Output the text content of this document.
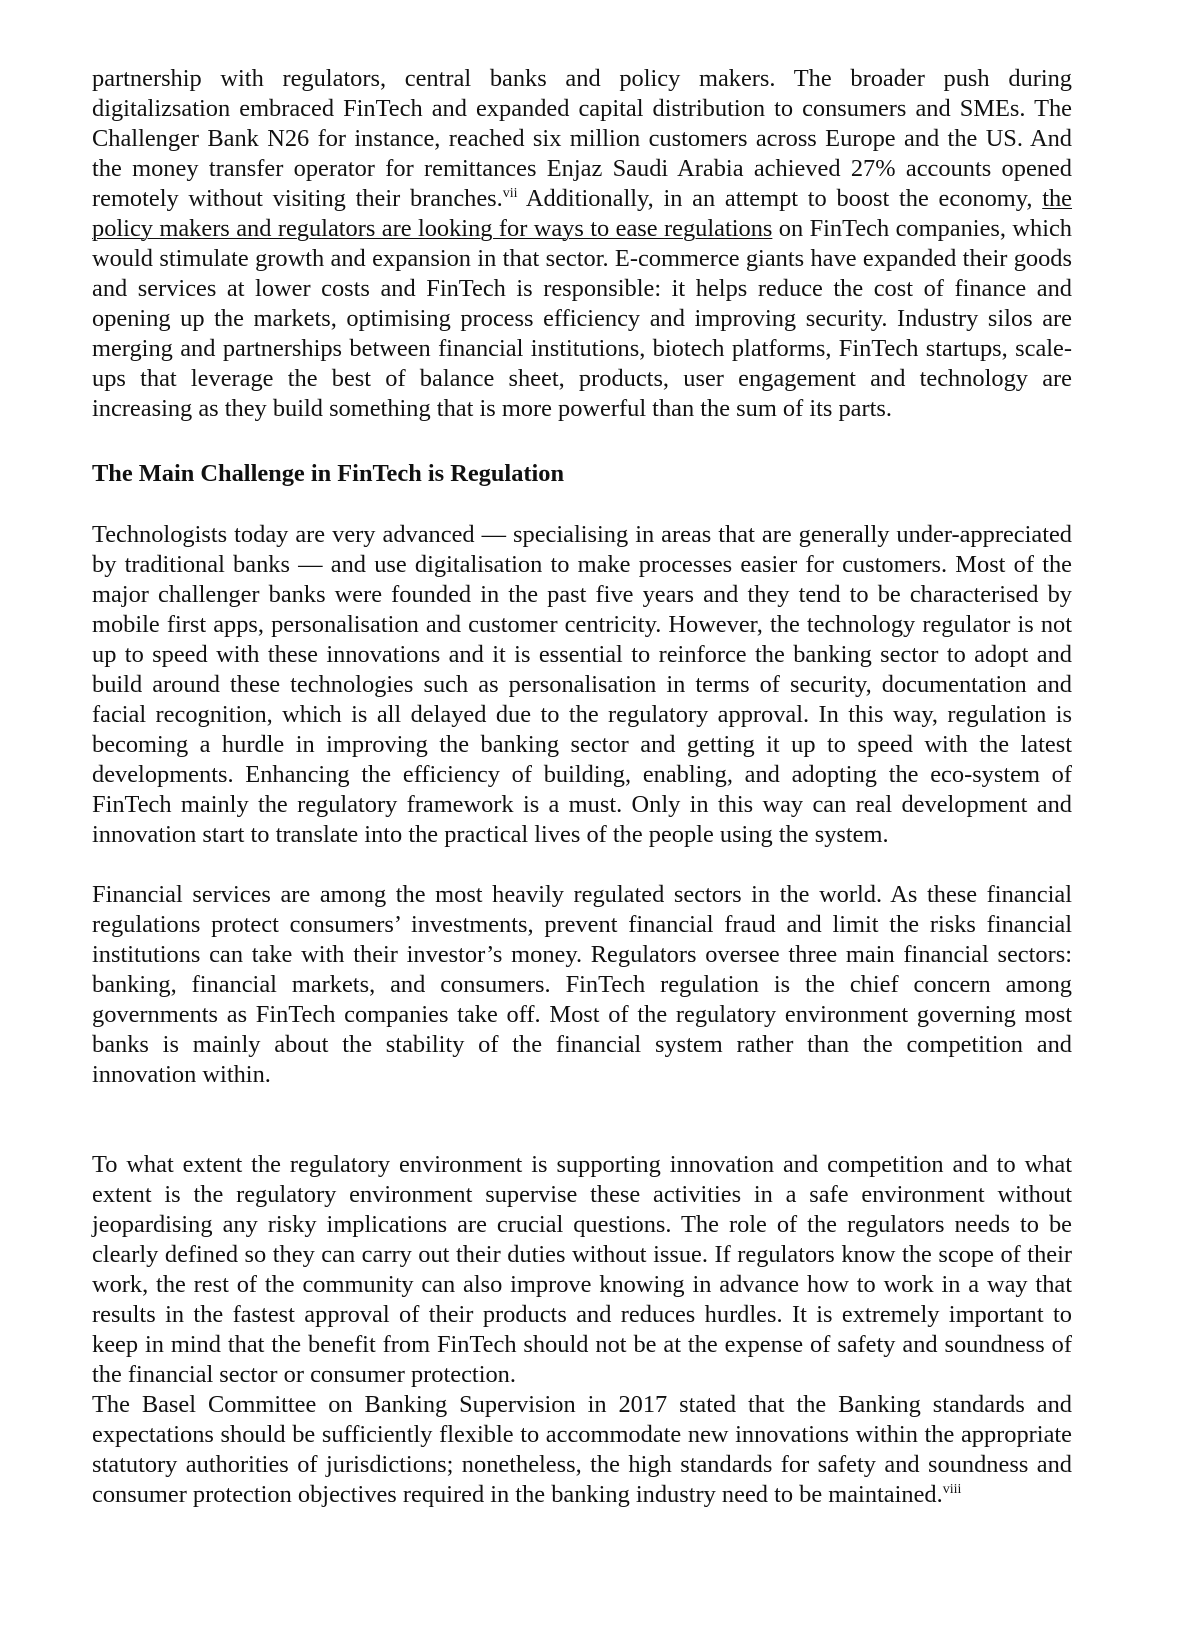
partnership with regulators, central banks and policy makers. The broader push during digitalizsation embraced FinTech and expanded capital distribution to consumers and SMEs. The Challenger Bank N26 for instance, reached six million customers across Europe and the US. And the money transfer operator for remittances Enjaz Saudi Arabia achieved 27% accounts opened remotely without visiting their branches.$^{vii}$ Additionally, in an attempt to boost the economy, the policy makers and regulators are looking for ways to ease regulations on FinTech companies, which would stimulate growth and expansion in that sector. E-commerce giants have expanded their goods and services at lower costs and FinTech is responsible: it helps reduce the cost of finance and opening up the markets, optimising process efficiency and improving security. Industry silos are merging and partnerships between financial institutions, biotech platforms, FinTech startups, scale-ups that leverage the best of balance sheet, products, user engagement and technology are increasing as they build something that is more powerful than the sum of its parts.

The Main Challenge in FinTech is Regulation

Technologists today are very advanced — specialising in areas that are generally under-appreciated by traditional banks — and use digitalisation to make processes easier for customers. Most of the major challenger banks were founded in the past five years and they tend to be characterised by mobile first apps, personalisation and customer centricity. However, the technology regulator is not up to speed with these innovations and it is essential to reinforce the banking sector to adopt and build around these technologies such as personalisation in terms of security, documentation and facial recognition, which is all delayed due to the regulatory approval. In this way, regulation is becoming a hurdle in improving the banking sector and getting it up to speed with the latest developments. Enhancing the efficiency of building, enabling, and adopting the eco-system of FinTech mainly the regulatory framework is a must. Only in this way can real development and innovation start to translate into the practical lives of the people using the system.

Financial services are among the most heavily regulated sectors in the world. As these financial regulations protect consumers’ investments, prevent financial fraud and limit the risks financial institutions can take with their investor’s money. Regulators oversee three main financial sectors: banking, financial markets, and consumers. FinTech regulation is the chief concern among governments as FinTech companies take off. Most of the regulatory environment governing most banks is mainly about the stability of the financial system rather than the competition and innovation within.

To what extent the regulatory environment is supporting innovation and competition and to what extent is the regulatory environment supervise these activities in a safe environment without jeopardising any risky implications are crucial questions. The role of the regulators needs to be clearly defined so they can carry out their duties without issue. If regulators know the scope of their work, the rest of the community can also improve knowing in advance how to work in a way that results in the fastest approval of their products and reduces hurdles. It is extremely important to keep in mind that the benefit from FinTech should not be at the expense of safety and soundness of the financial sector or consumer protection.

The Basel Committee on Banking Supervision in 2017 stated that the Banking standards and expectations should be sufficiently flexible to accommodate new innovations within the appropriate statutory authorities of jurisdictions; nonetheless, the high standards for safety and soundness and consumer protection objectives required in the banking industry need to be maintained.$^{viii}$
